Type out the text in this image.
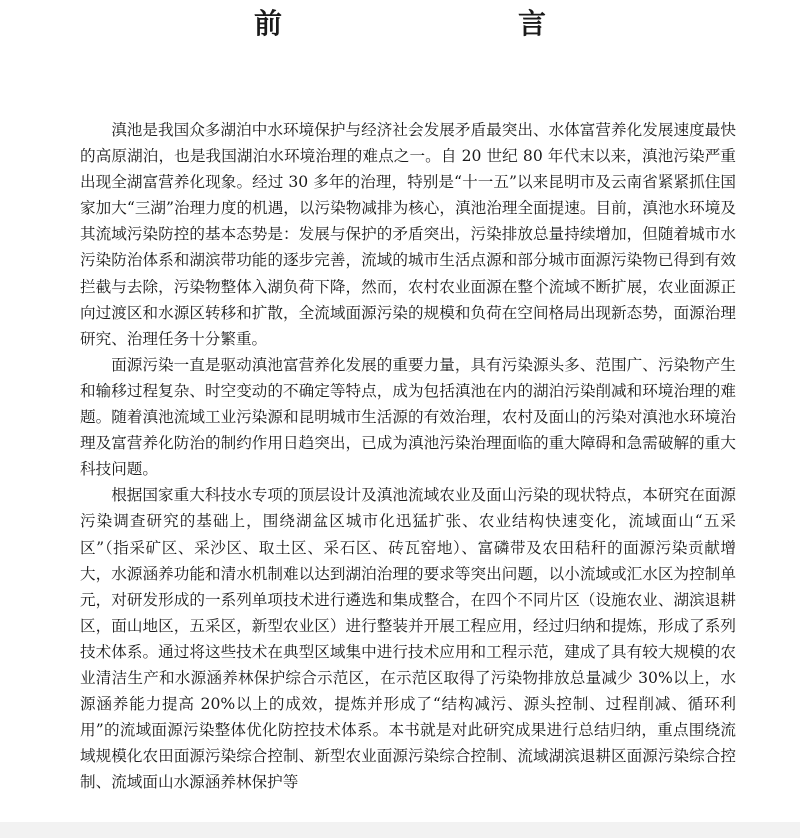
前　　言

滇池是我国众多湖泊中水环境保护与经济社会发展矛盾最突出、水体富营养化发展速度最快的高原湖泊，也是我国湖泊水环境治理的难点之一。自 20 世纪 80 年代末以来，滇池污染严重出现全湖富营养化现象。经过 30 多年的治理，特别是“十一五”以来昆明市及云南省紧紧抓住国家加大“三湖”治理力度的机遇，以污染物减排为核心，滇池治理全面提速。目前，滇池水环境及其流域污染防控的基本态势是：发展与保护的矛盾突出，污染排放总量持续增加，但随着城市水污染防治体系和湖滨带功能的逐步完善，流域的城市生活点源和部分城市面源污染物已得到有效拦截与去除，污染物整体入湖负荷下降，然而，农村农业面源在整个流域不断扩展，农业面源正向过渡区和水源区转移和扩散，全流域面源污染的规模和负荷在空间格局出现新态势，面源治理研究、治理任务十分繁重。

面源污染一直是驱动滇池富营养化发展的重要力量，具有污染源头多、范围广、污染物产生和输移过程复杂、时空变动的不确定等特点，成为包括滇池在内的湖泊污染削减和环境治理的难题。随着滇池流域工业污染源和昆明城市生活源的有效治理，农村及面山的污染对滇池水环境治理及富营养化防治的制约作用日趋突出，已成为滇池污染治理面临的重大障碍和急需破解的重大科技问题。

根据国家重大科技水专项的顶层设计及滇池流域农业及面山污染的现状特点，本研究在面源污染调查研究的基础上，围绕湖盆区城市化迅猛扩张、农业结构快速变化，流域面山“五采区”（指采矿区、采沙区、取土区、采石区、砖瓦窑地）、富磷带及农田秸秆的面源污染贡献增大，水源涵养功能和清水机制难以达到湖泊治理的要求等突出问题，以小流域或汇水区为控制单元，对研发形成的一系列单项技术进行遴选和集成整合，在四个不同片区（设施农业、湖滨退耕区，面山地区，五采区，新型农业区）进行整装并开展工程应用，经过归纳和提炼，形成了系列技术体系。通过将这些技术在典型区域集中进行技术应用和工程示范，建成了具有较大规模的农业清洁生产和水源涵养林保护综合示范区，在示范区取得了污染物排放总量减少 30%以上，水源涵养能力提高 20%以上的成效，提炼并形成了“结构减污、源头控制、过程削减、循环利用”的流域面源污染整体优化防控技术体系。本书就是对此研究成果进行总结归纳，重点围绕流域规模化农田面源污染综合控制、新型农业面源污染综合控制、流域湖滨退耕区面源污染综合控制、流域面山水源涵养林保护等
